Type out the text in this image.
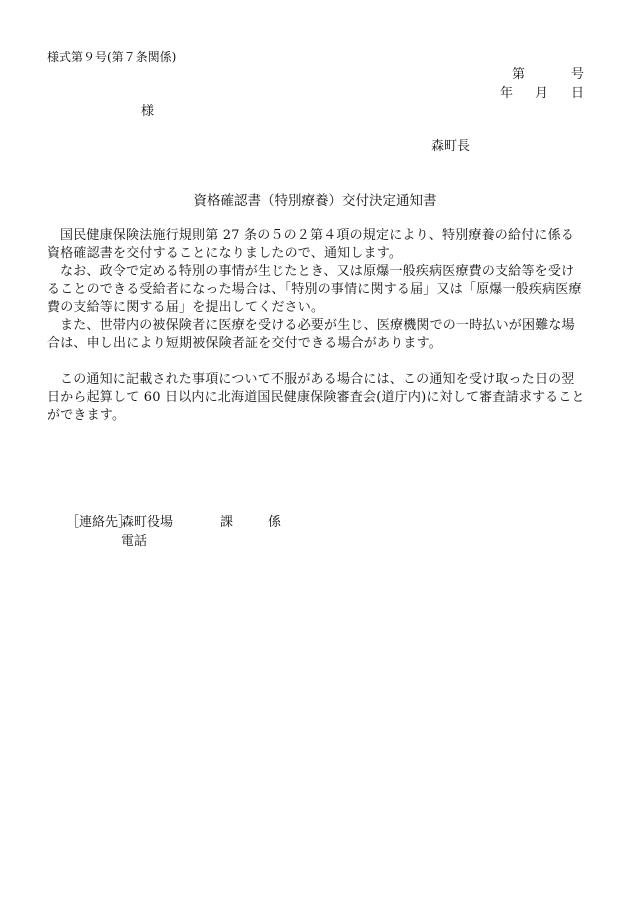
様式第９号(第７条関係)
第	号
年 月 日
様
森町長
資格確認書（特別療養）交付決定通知書

国民健康保険法施行規則第 27 条の５の２第４項の規定により、特別療養の給付に係る資格確認書を交付することになりましたので、通知します。

なお、政令で定める特別の事情が生じたとき、又は原爆一般疾病医療費の支給等を受けることのできる受給者になった場合は、「特別の事情に関する届」又は「原爆一般疾病医療費の支給等に関する届」を提出してください。

また、世帯内の被保険者に医療を受ける必要が生じ、医療機関での一時払いが困難な場合は、申し出により短期被保険者証を交付できる場合があります。

この通知に記載された事項について不服がある場合には、この通知を受け取った日の翌日から起算して 60 日以内に北海道国民健康保険審査会(道庁内)に対して審査請求することができます。

［連絡先］
森町役場	課	係
電話
